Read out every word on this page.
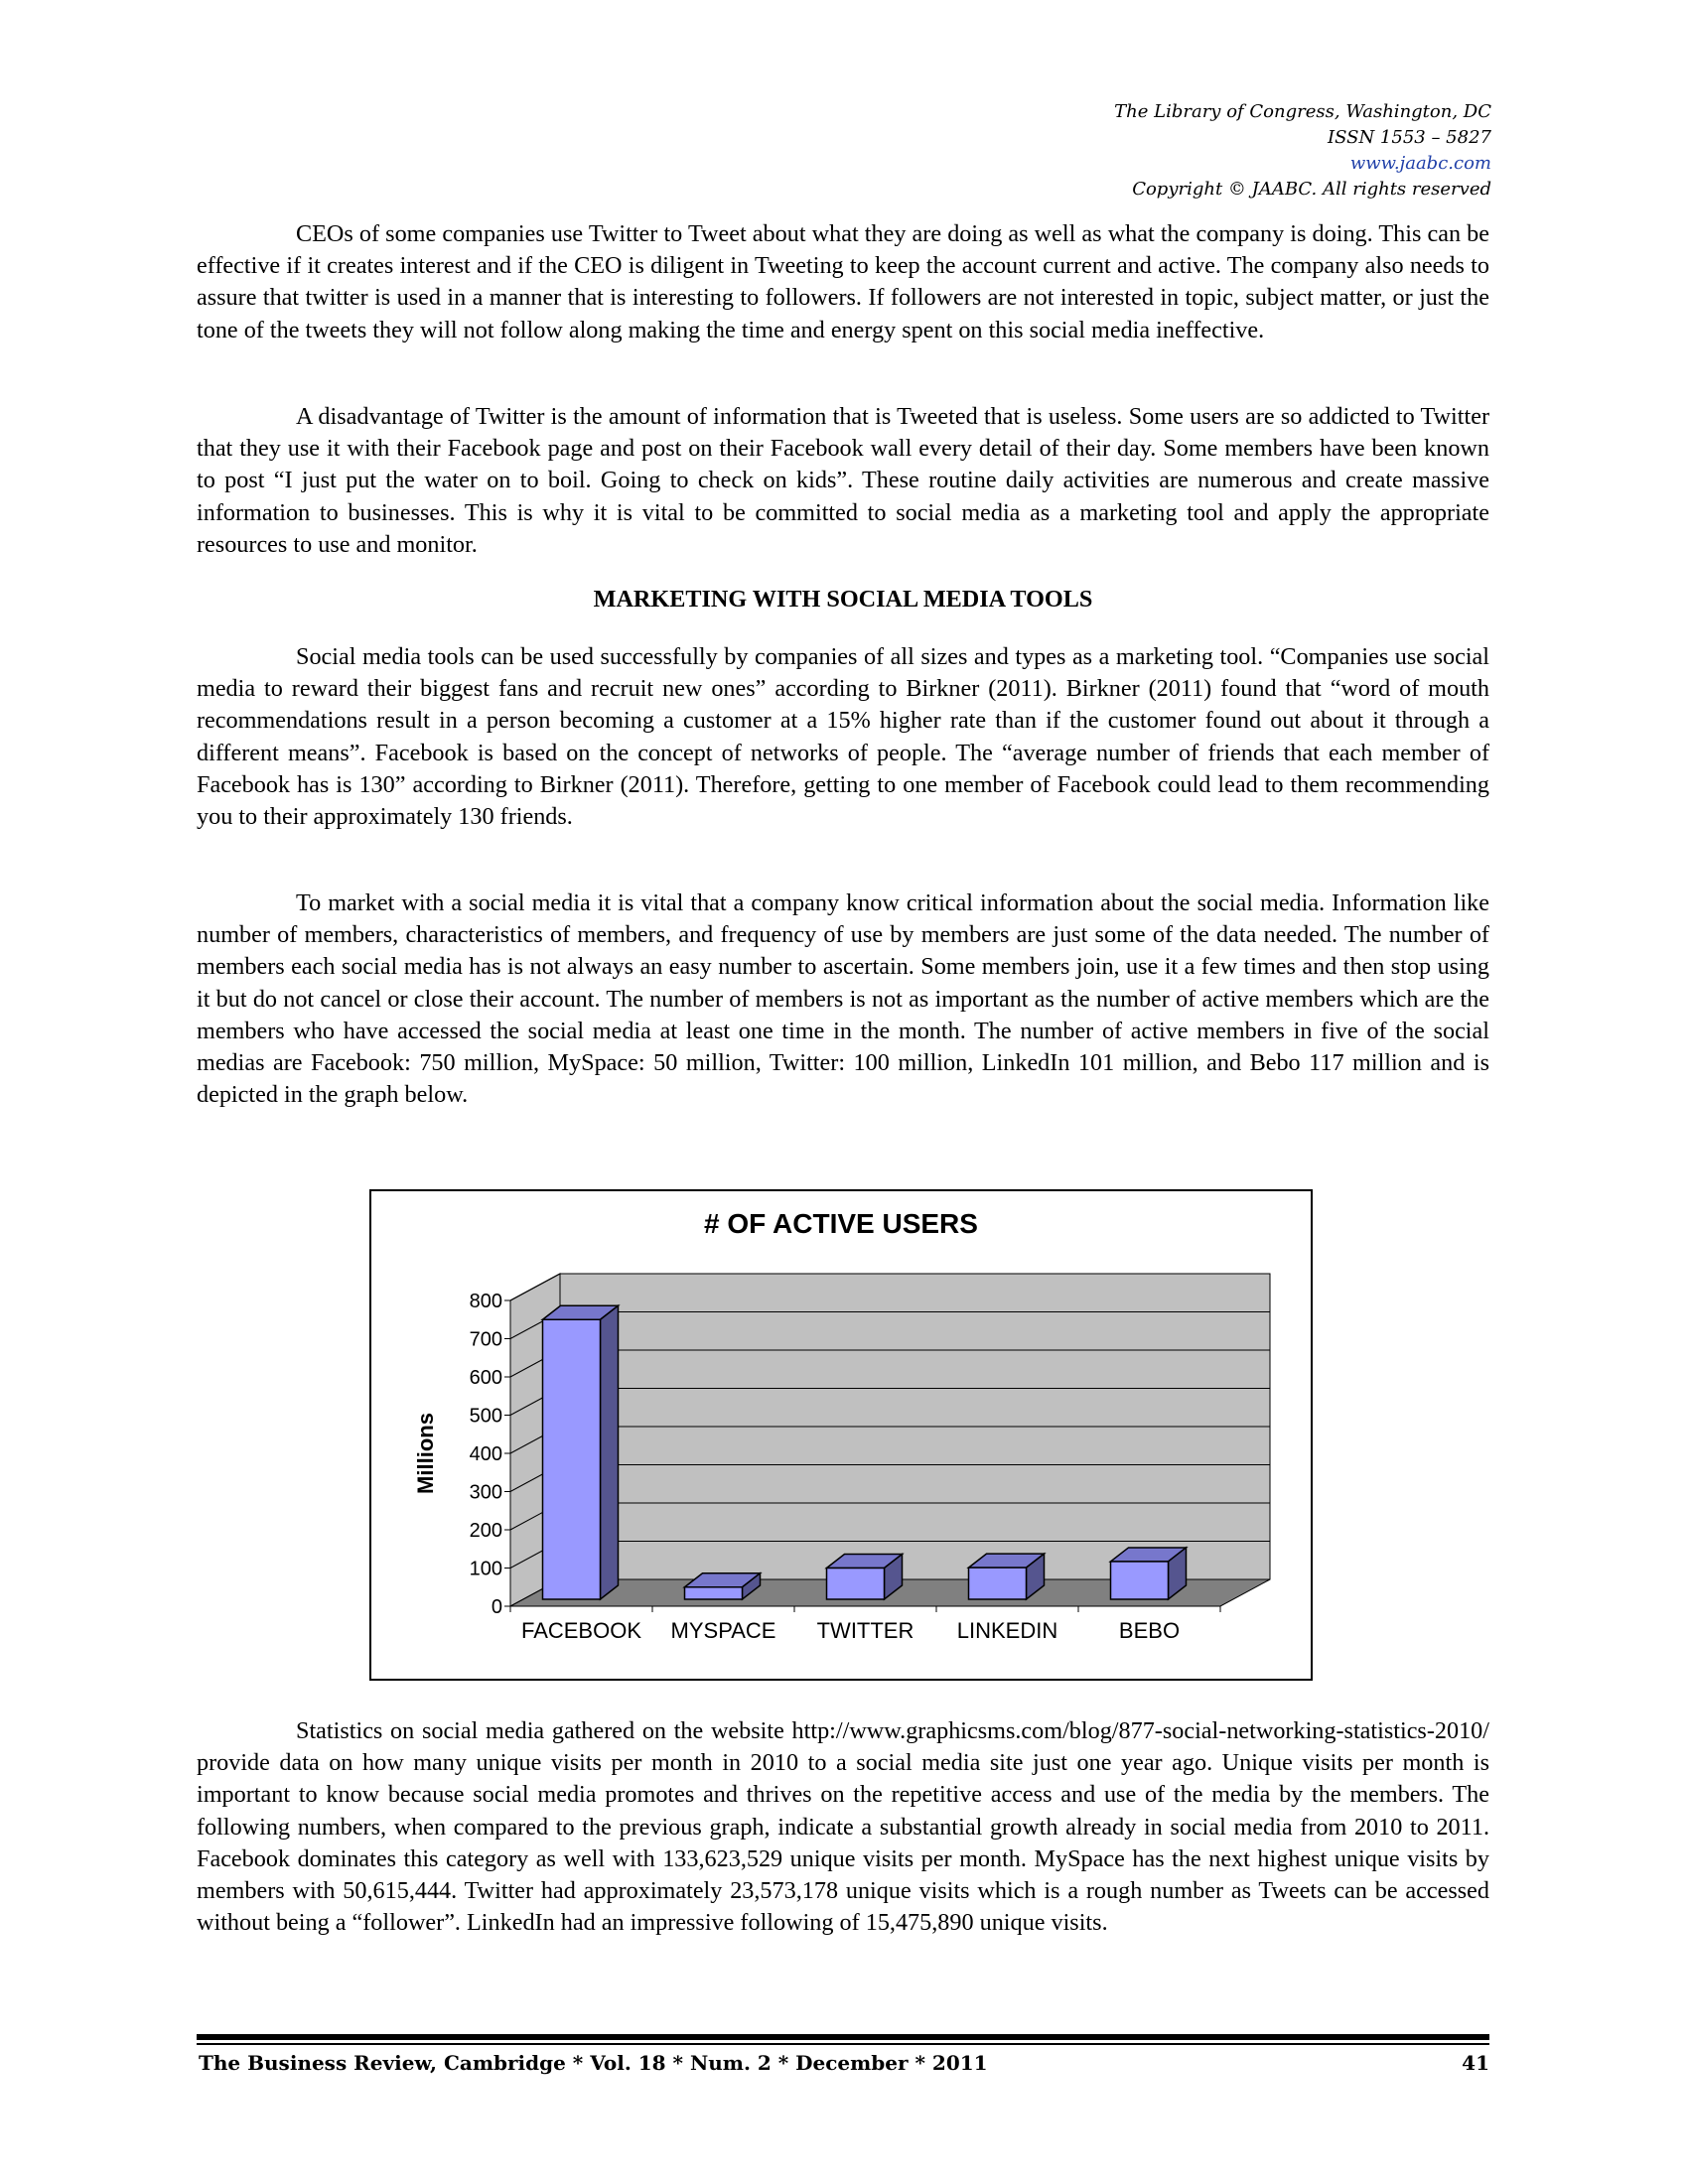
The Library of Congress, Washington, DC
ISSN 1553 – 5827
www.jaabc.com
Copyright © JAABC. All rights reserved

CEOs of some companies use Twitter to Tweet about what they are doing as well as what the company is doing. This can be effective if it creates interest and if the CEO is diligent in Tweeting to keep the account current and active. The company also needs to assure that twitter is used in a manner that is interesting to followers. If followers are not interested in topic, subject matter, or just the tone of the tweets they will not follow along making the time and energy spent on this social media ineffective.

A disadvantage of Twitter is the amount of information that is Tweeted that is useless. Some users are so addicted to Twitter that they use it with their Facebook page and post on their Facebook wall every detail of their day. Some members have been known to post “I just put the water on to boil. Going to check on kids”. These routine daily activities are numerous and create massive information to businesses. This is why it is vital to be committed to social media as a marketing tool and apply the appropriate resources to use and monitor.

MARKETING WITH SOCIAL MEDIA TOOLS

Social media tools can be used successfully by companies of all sizes and types as a marketing tool. “Companies use social media to reward their biggest fans and recruit new ones” according to Birkner (2011). Birkner (2011) found that “word of mouth recommendations result in a person becoming a customer at a 15% higher rate than if the customer found out about it through a different means”. Facebook is based on the concept of networks of people. The “average number of friends that each member of Facebook has is 130” according to Birkner (2011). Therefore, getting to one member of Facebook could lead to them recommending you to their approximately 130 friends.

To market with a social media it is vital that a company know critical information about the social media. Information like number of members, characteristics of members, and frequency of use by members are just some of the data needed. The number of members each social media has is not always an easy number to ascertain. Some members join, use it a few times and then stop using it but do not cancel or close their account. The number of members is not as important as the number of active members which are the members who have accessed the social media at least one time in the month. The number of active members in five of the social medias are Facebook: 750 million, MySpace: 50 million, Twitter: 100 million, LinkedIn 101 million, and Bebo 117 million and is depicted in the graph below.

0
100
200
300
400
500
600
700
800
FACEBOOK MYSPACE TWITTER LINKEDIN	BEBO
# OF ACTIVE USERS
Millions

Statistics on social media gathered on the website http://www.graphicsms.com/blog/877-social-networking-statistics-2010/ provide data on how many unique visits per month in 2010 to a social media site just one year ago. Unique visits per month is important to know because social media promotes and thrives on the repetitive access and use of the media by the members. The following numbers, when compared to the previous graph, indicate a substantial growth already in social media from 2010 to 2011. Facebook dominates this category as well with 133,623,529 unique visits per month. MySpace has the next highest unique visits by members with 50,615,444. Twitter had approximately 23,573,178 unique visits which is a rough number as Tweets can be accessed without being a “follower”. LinkedIn had an impressive following of 15,475,890 unique visits.

The Business Review, Cambridge * Vol. 18 * Num. 2 * December * 2011	41
